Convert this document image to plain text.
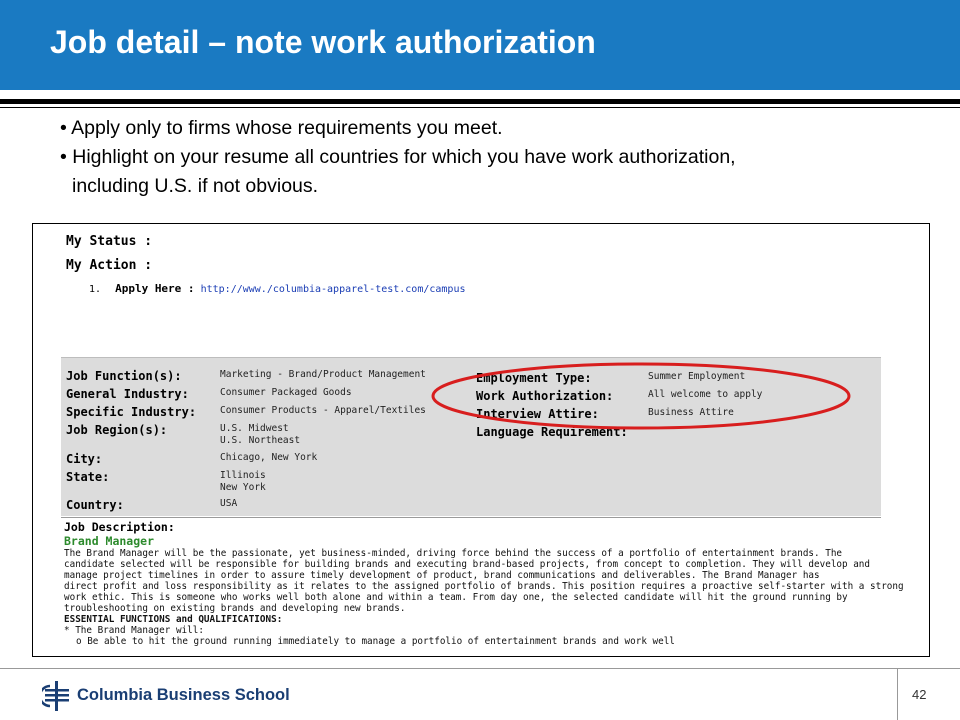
Job detail – note work authorization
• Apply only to firms whose requirements you meet.
• Highlight on your resume all countries for which you have work authorization,
including U.S. if not obvious.
My Status :
My Action :
1. Apply Here : http://www./columbia-apparel-test.com/campus
Job Function(s):	Marketing - Brand/Product Management
General Industry:	Consumer Packaged Goods
Specific Industry:	Consumer Products - Apparel/Textiles
Job Region(s):	U.S. Midwest
U.S. Northeast
City:	Chicago, New York
State:	Illinois
New York
Country:	USA
Employment Type:	Summer Employment
Work Authorization:	All welcome to apply
Interview Attire:	Business Attire
Language Requirement:
Job Description:
Brand Manager
The Brand Manager will be the passionate, yet business-minded, driving force behind the success of a portfolio of entertainment brands. The
candidate selected will be responsible for building brands and executing brand-based projects, from concept to completion. They will develop and
manage project timelines in order to assure timely development of product, brand communications and deliverables. The Brand Manager has
direct profit and loss responsibility as it relates to the assigned portfolio of brands. This position requires a proactive self-starter with a strong
work ethic. This is someone who works well both alone and within a team. From day one, the selected candidate will hit the ground running by
troubleshooting on existing brands and developing new brands.
ESSENTIAL FUNCTIONS and QUALIFICATIONS:
* The Brand Manager will:
o Be able to hit the ground running immediately to manage a portfolio of entertainment brands and work well
Columbia Business School	42
